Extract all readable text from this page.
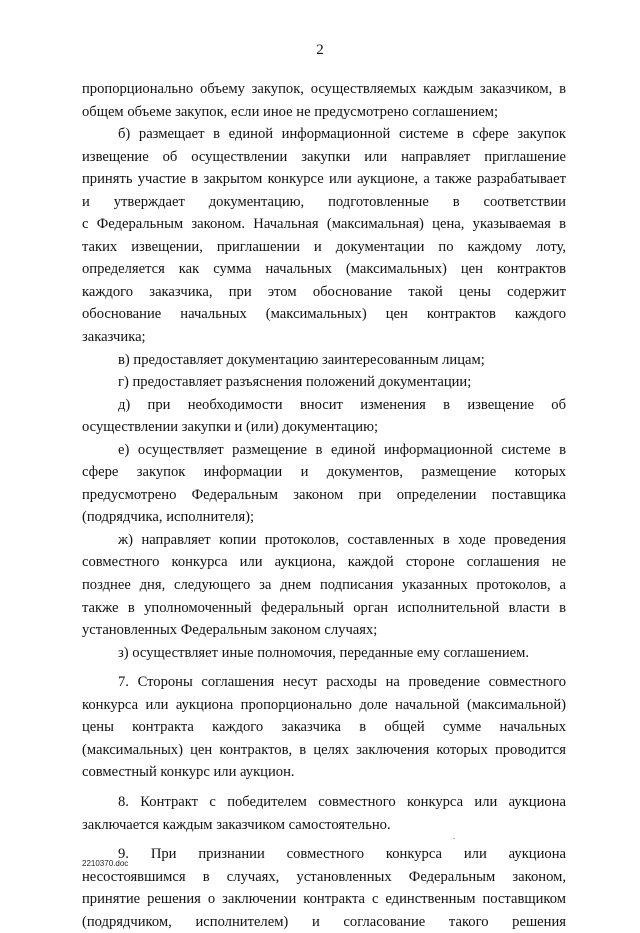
2
пропорционально объему закупок, осуществляемых каждым заказчиком, в
общем объеме закупок, если иное не предусмотрено соглашением;
б) размещает в единой информационной системе в сфере закупок
извещение об осуществлении закупки или направляет приглашение
принять участие в закрытом конкурсе или аукционе, а также разрабатывает
и утверждает документацию, подготовленные в соответствии
с Федеральным законом. Начальная (максимальная) цена, указываемая в
таких извещении, приглашении и документации по каждому лоту,
определяется как сумма начальных (максимальных) цен контрактов
каждого заказчика, при этом обоснование такой цены содержит
обоснование начальных (максимальных) цен контрактов каждого
заказчика;
в) предоставляет документацию заинтересованным лицам;
г) предоставляет разъяснения положений документации;
д) при необходимости вносит изменения в извещение об
осуществлении закупки и (или) документацию;
е) осуществляет размещение в единой информационной системе в
сфере закупок информации и документов, размещение которых
предусмотрено Федеральным законом при определении поставщика
(подрядчика, исполнителя);
ж) направляет копии протоколов, составленных в ходе проведения
совместного конкурса или аукциона, каждой стороне соглашения не
позднее дня, следующего за днем подписания указанных протоколов, а
также в уполномоченный федеральный орган исполнительной власти в
установленных Федеральным законом случаях;
з) осуществляет иные полномочия, переданные ему соглашением.
7. Стороны соглашения несут расходы на проведение совместного
конкурса или аукциона пропорционально доле начальной (максимальной)
цены контракта каждого заказчика в общей сумме начальных
(максимальных) цен контрактов, в целях заключения которых проводится
совместный конкурс или аукцион.
8. Контракт с победителем совместного конкурса или аукциона
заключается каждым заказчиком самостоятельно.
9. При признании совместного конкурса или аукциона
несостоявшимся в случаях, установленных Федеральным законом,
принятие решения о заключении контракта с единственным поставщиком
(подрядчиком, исполнителем) и согласование такого решения
2210370.doc
